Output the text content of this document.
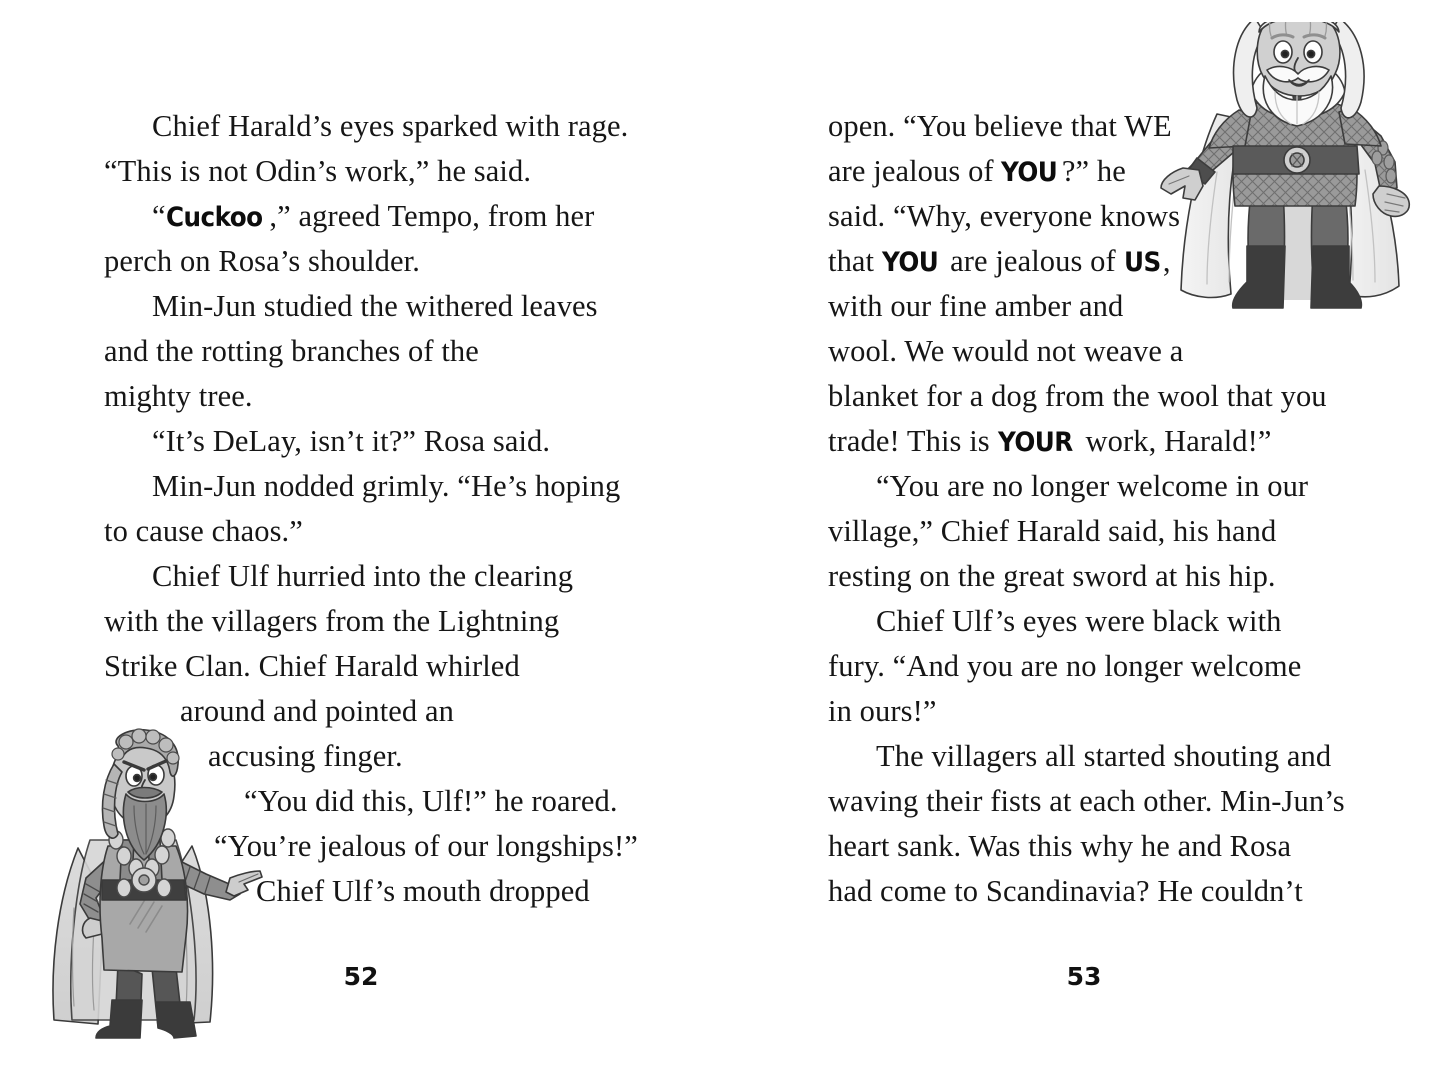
Chief Harald’s eyes sparked with rage.
“This is not Odin’s work,” he said.
“Cuckoo ,” agreed Tempo, from her
perch on Rosa’s shoulder.
Min-Jun studied the withered leaves
and the rotting branches of the
mighty tree.
“It’s DeLay, isn’t it?” Rosa said.
Min-Jun nodded grimly. “He’s hoping
to cause chaos.”
Chief Ulf hurried into the clearing
with the villagers from the Lightning
Strike Clan. Chief Harald whirled
around and pointed an
accusing finger.
“You did this, Ulf!” he roared.
“You’re jealous of our longships!”
Chief Ulf’s mouth dropped
52
open. “You believe that WE
are jealous of YOU ?” he
said. “Why, everyone knows
that YOU are jealous of US,
with our fine amber and
wool. We would not weave a
blanket for a dog from the wool that you
trade! This is YOUR work, Harald!”
“You are no longer welcome in our
village,” Chief Harald said, his hand
resting on the great sword at his hip.
Chief Ulf’s eyes were black with
fury. “And you are no longer welcome
in ours!”
The villagers all started shouting and
waving their fists at each other. Min-Jun’s
heart sank. Was this why he and Rosa
had come to Scandinavia? He couldn’t
53
